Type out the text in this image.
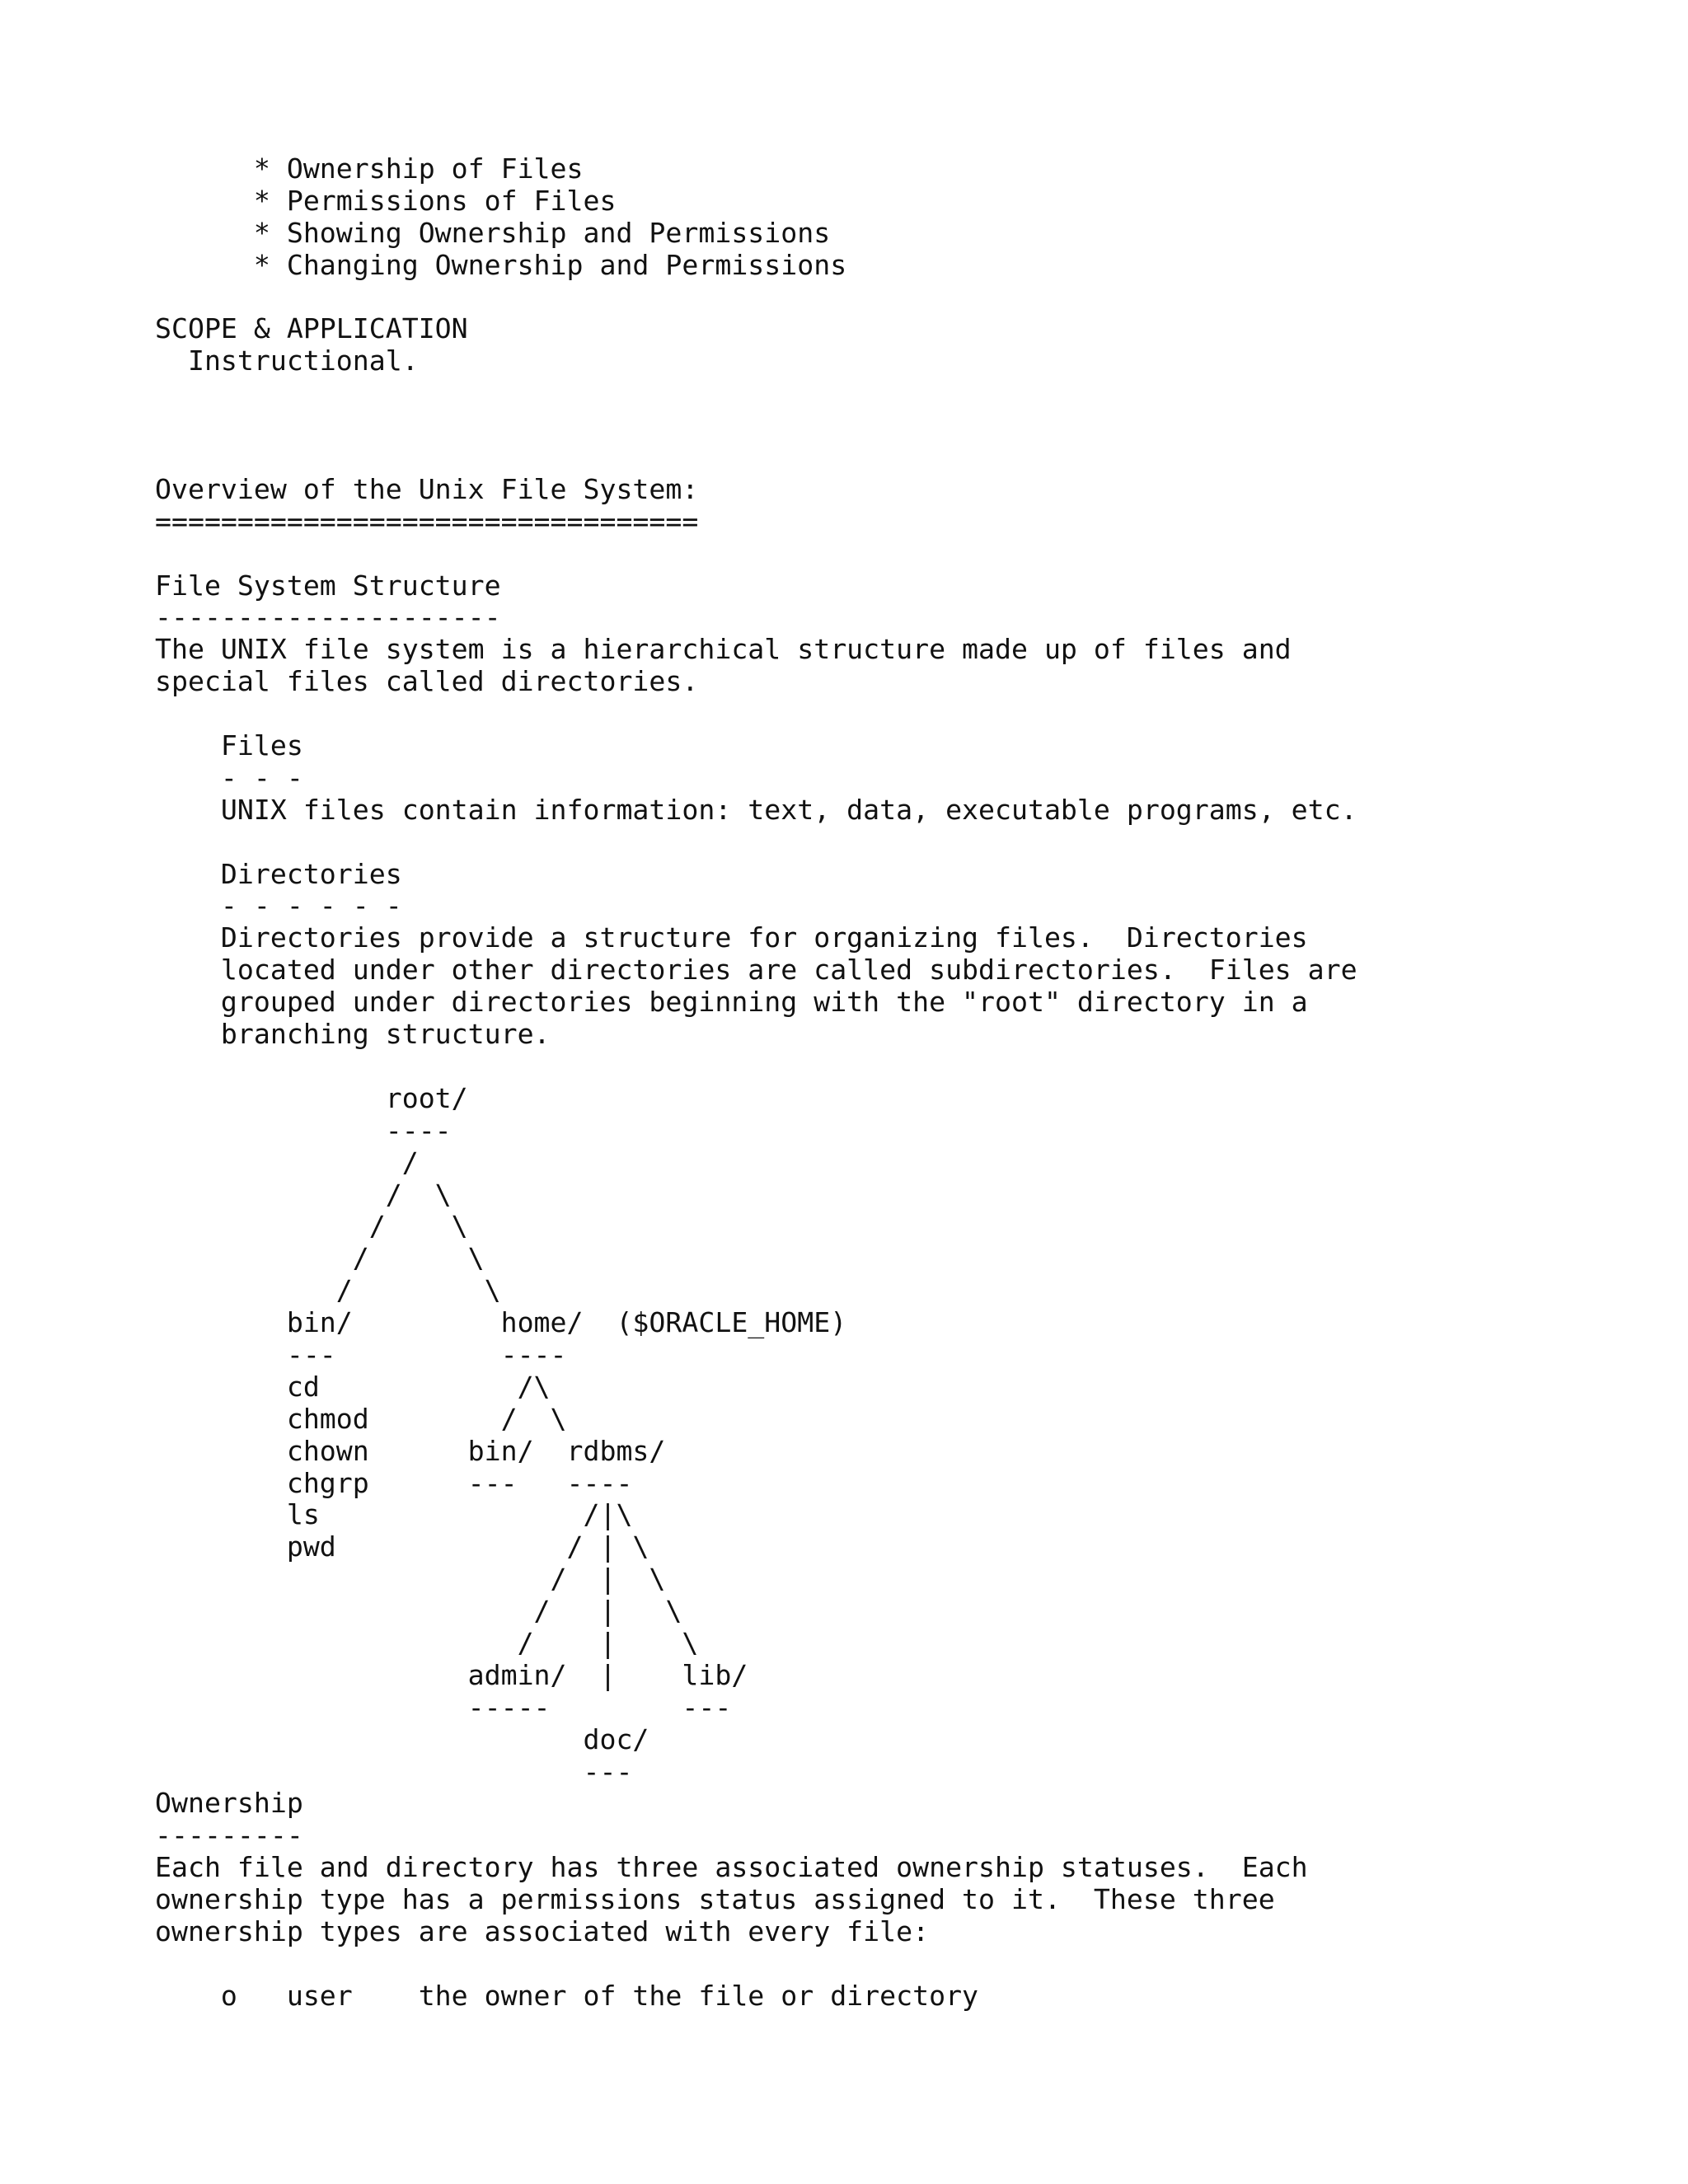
* Ownership of Files
* Permissions of Files
* Showing Ownership and Permissions
* Changing Ownership and Permissions
SCOPE & APPLICATION
Instructional.
Overview of the Unix File System:
=================================
File System Structure
---------------------
The UNIX file system is a hierarchical structure made up of files and
special files called directories.
Files
- - -
UNIX files contain information: text, data, executable programs, etc.
Directories
- - - - - -
Directories provide a structure for organizing files.  Directories
located under other directories are called subdirectories.  Files are
grouped under directories beginning with the "root" directory in a
branching structure.
root/
----
/
/  \
/    \
/      \
/        \
bin/         home/  ($ORACLE_HOME)
---          ----
cd            /\
chmod        /  \
chown      bin/  rdbms/
chgrp      ---   ----
ls                /|\
pwd              / | \
/  |  \
/   |   \
/    |    \
admin/  |    lib/
-----        ---
doc/
---
Ownership
---------
Each file and directory has three associated ownership statuses.  Each
ownership type has a permissions status assigned to it.  These three
ownership types are associated with every file:
o   user    the owner of the file or directory
